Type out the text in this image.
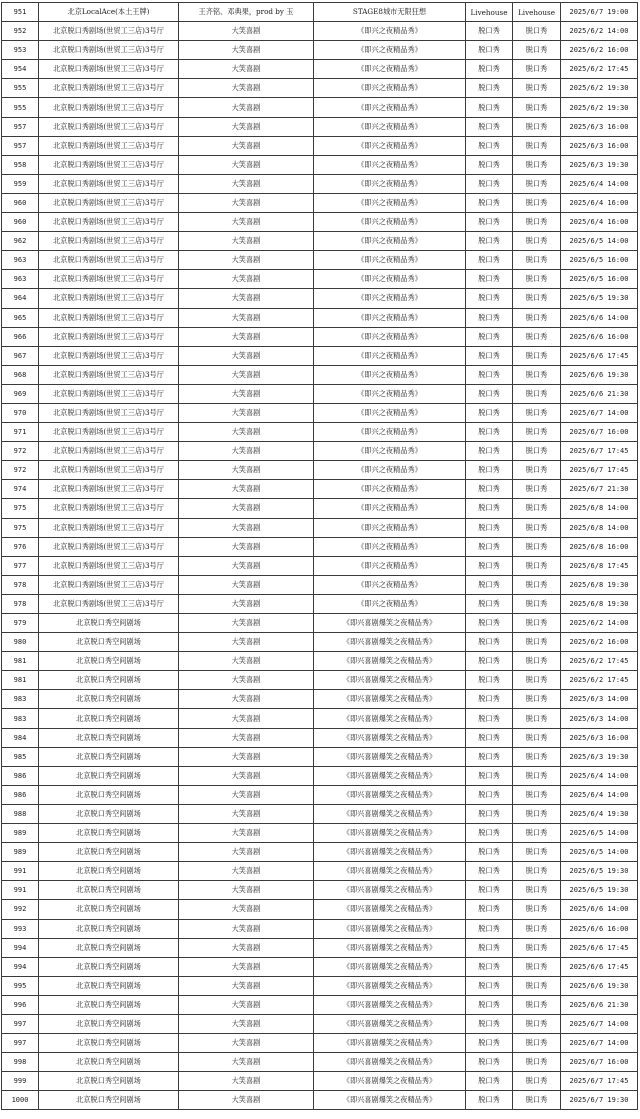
951	北京LocalAce(本土王牌)	王齐铭、邓典果，prod by 玉	STAGE8城市无限狂想	Livehouse	Livehouse	2025/6/7 19:00
952	北京脱口秀剧场(世贸工三店)3号厅	大笑喜剧	《即兴之夜精品秀》	脱口秀	脱口秀	2025/6/2 14:00
953	北京脱口秀剧场(世贸工三店)3号厅	大笑喜剧	《即兴之夜精品秀》	脱口秀	脱口秀	2025/6/2 16:00
954	北京脱口秀剧场(世贸工三店)3号厅	大笑喜剧	《即兴之夜精品秀》	脱口秀	脱口秀	2025/6/2 17:45
955	北京脱口秀剧场(世贸工三店)3号厅	大笑喜剧	《即兴之夜精品秀》	脱口秀	脱口秀	2025/6/2 19:30
955	北京脱口秀剧场(世贸工三店)3号厅	大笑喜剧	《即兴之夜精品秀》	脱口秀	脱口秀	2025/6/2 19:30
957	北京脱口秀剧场(世贸工三店)3号厅	大笑喜剧	《即兴之夜精品秀》	脱口秀	脱口秀	2025/6/3 16:00
957	北京脱口秀剧场(世贸工三店)3号厅	大笑喜剧	《即兴之夜精品秀》	脱口秀	脱口秀	2025/6/3 16:00
958	北京脱口秀剧场(世贸工三店)3号厅	大笑喜剧	《即兴之夜精品秀》	脱口秀	脱口秀	2025/6/3 19:30
959	北京脱口秀剧场(世贸工三店)3号厅	大笑喜剧	《即兴之夜精品秀》	脱口秀	脱口秀	2025/6/4 14:00
960	北京脱口秀剧场(世贸工三店)3号厅	大笑喜剧	《即兴之夜精品秀》	脱口秀	脱口秀	2025/6/4 16:00
960	北京脱口秀剧场(世贸工三店)3号厅	大笑喜剧	《即兴之夜精品秀》	脱口秀	脱口秀	2025/6/4 16:00
962	北京脱口秀剧场(世贸工三店)3号厅	大笑喜剧	《即兴之夜精品秀》	脱口秀	脱口秀	2025/6/5 14:00
963	北京脱口秀剧场(世贸工三店)3号厅	大笑喜剧	《即兴之夜精品秀》	脱口秀	脱口秀	2025/6/5 16:00
963	北京脱口秀剧场(世贸工三店)3号厅	大笑喜剧	《即兴之夜精品秀》	脱口秀	脱口秀	2025/6/5 16:00
964	北京脱口秀剧场(世贸工三店)3号厅	大笑喜剧	《即兴之夜精品秀》	脱口秀	脱口秀	2025/6/5 19:30
965	北京脱口秀剧场(世贸工三店)3号厅	大笑喜剧	《即兴之夜精品秀》	脱口秀	脱口秀	2025/6/6 14:00
966	北京脱口秀剧场(世贸工三店)3号厅	大笑喜剧	《即兴之夜精品秀》	脱口秀	脱口秀	2025/6/6 16:00
967	北京脱口秀剧场(世贸工三店)3号厅	大笑喜剧	《即兴之夜精品秀》	脱口秀	脱口秀	2025/6/6 17:45
968	北京脱口秀剧场(世贸工三店)3号厅	大笑喜剧	《即兴之夜精品秀》	脱口秀	脱口秀	2025/6/6 19:30
969	北京脱口秀剧场(世贸工三店)3号厅	大笑喜剧	《即兴之夜精品秀》	脱口秀	脱口秀	2025/6/6 21:30
970	北京脱口秀剧场(世贸工三店)3号厅	大笑喜剧	《即兴之夜精品秀》	脱口秀	脱口秀	2025/6/7 14:00
971	北京脱口秀剧场(世贸工三店)3号厅	大笑喜剧	《即兴之夜精品秀》	脱口秀	脱口秀	2025/6/7 16:00
972	北京脱口秀剧场(世贸工三店)3号厅	大笑喜剧	《即兴之夜精品秀》	脱口秀	脱口秀	2025/6/7 17:45
972	北京脱口秀剧场(世贸工三店)3号厅	大笑喜剧	《即兴之夜精品秀》	脱口秀	脱口秀	2025/6/7 17:45
974	北京脱口秀剧场(世贸工三店)3号厅	大笑喜剧	《即兴之夜精品秀》	脱口秀	脱口秀	2025/6/7 21:30
975	北京脱口秀剧场(世贸工三店)3号厅	大笑喜剧	《即兴之夜精品秀》	脱口秀	脱口秀	2025/6/8 14:00
975	北京脱口秀剧场(世贸工三店)3号厅	大笑喜剧	《即兴之夜精品秀》	脱口秀	脱口秀	2025/6/8 14:00
976	北京脱口秀剧场(世贸工三店)3号厅	大笑喜剧	《即兴之夜精品秀》	脱口秀	脱口秀	2025/6/8 16:00
977	北京脱口秀剧场(世贸工三店)3号厅	大笑喜剧	《即兴之夜精品秀》	脱口秀	脱口秀	2025/6/8 17:45
978	北京脱口秀剧场(世贸工三店)3号厅	大笑喜剧	《即兴之夜精品秀》	脱口秀	脱口秀	2025/6/8 19:30
978	北京脱口秀剧场(世贸工三店)3号厅	大笑喜剧	《即兴之夜精品秀》	脱口秀	脱口秀	2025/6/8 19:30
979	北京脱口秀空间剧场	大笑喜剧	《即兴喜剧爆笑之夜精品秀》	脱口秀	脱口秀	2025/6/2 14:00
980	北京脱口秀空间剧场	大笑喜剧	《即兴喜剧爆笑之夜精品秀》	脱口秀	脱口秀	2025/6/2 16:00
981	北京脱口秀空间剧场	大笑喜剧	《即兴喜剧爆笑之夜精品秀》	脱口秀	脱口秀	2025/6/2 17:45
981	北京脱口秀空间剧场	大笑喜剧	《即兴喜剧爆笑之夜精品秀》	脱口秀	脱口秀	2025/6/2 17:45
983	北京脱口秀空间剧场	大笑喜剧	《即兴喜剧爆笑之夜精品秀》	脱口秀	脱口秀	2025/6/3 14:00
983	北京脱口秀空间剧场	大笑喜剧	《即兴喜剧爆笑之夜精品秀》	脱口秀	脱口秀	2025/6/3 14:00
984	北京脱口秀空间剧场	大笑喜剧	《即兴喜剧爆笑之夜精品秀》	脱口秀	脱口秀	2025/6/3 16:00
985	北京脱口秀空间剧场	大笑喜剧	《即兴喜剧爆笑之夜精品秀》	脱口秀	脱口秀	2025/6/3 19:30
986	北京脱口秀空间剧场	大笑喜剧	《即兴喜剧爆笑之夜精品秀》	脱口秀	脱口秀	2025/6/4 14:00
986	北京脱口秀空间剧场	大笑喜剧	《即兴喜剧爆笑之夜精品秀》	脱口秀	脱口秀	2025/6/4 14:00
988	北京脱口秀空间剧场	大笑喜剧	《即兴喜剧爆笑之夜精品秀》	脱口秀	脱口秀	2025/6/4 19:30
989	北京脱口秀空间剧场	大笑喜剧	《即兴喜剧爆笑之夜精品秀》	脱口秀	脱口秀	2025/6/5 14:00
989	北京脱口秀空间剧场	大笑喜剧	《即兴喜剧爆笑之夜精品秀》	脱口秀	脱口秀	2025/6/5 14:00
991	北京脱口秀空间剧场	大笑喜剧	《即兴喜剧爆笑之夜精品秀》	脱口秀	脱口秀	2025/6/5 19:30
991	北京脱口秀空间剧场	大笑喜剧	《即兴喜剧爆笑之夜精品秀》	脱口秀	脱口秀	2025/6/5 19:30
992	北京脱口秀空间剧场	大笑喜剧	《即兴喜剧爆笑之夜精品秀》	脱口秀	脱口秀	2025/6/6 14:00
993	北京脱口秀空间剧场	大笑喜剧	《即兴喜剧爆笑之夜精品秀》	脱口秀	脱口秀	2025/6/6 16:00
994	北京脱口秀空间剧场	大笑喜剧	《即兴喜剧爆笑之夜精品秀》	脱口秀	脱口秀	2025/6/6 17:45
994	北京脱口秀空间剧场	大笑喜剧	《即兴喜剧爆笑之夜精品秀》	脱口秀	脱口秀	2025/6/6 17:45
995	北京脱口秀空间剧场	大笑喜剧	《即兴喜剧爆笑之夜精品秀》	脱口秀	脱口秀	2025/6/6 19:30
996	北京脱口秀空间剧场	大笑喜剧	《即兴喜剧爆笑之夜精品秀》	脱口秀	脱口秀	2025/6/6 21:30
997	北京脱口秀空间剧场	大笑喜剧	《即兴喜剧爆笑之夜精品秀》	脱口秀	脱口秀	2025/6/7 14:00
997	北京脱口秀空间剧场	大笑喜剧	《即兴喜剧爆笑之夜精品秀》	脱口秀	脱口秀	2025/6/7 14:00
998	北京脱口秀空间剧场	大笑喜剧	《即兴喜剧爆笑之夜精品秀》	脱口秀	脱口秀	2025/6/7 16:00
999	北京脱口秀空间剧场	大笑喜剧	《即兴喜剧爆笑之夜精品秀》	脱口秀	脱口秀	2025/6/7 17:45
1000	北京脱口秀空间剧场	大笑喜剧	《即兴喜剧爆笑之夜精品秀》	脱口秀	脱口秀	2025/6/7 19:30
